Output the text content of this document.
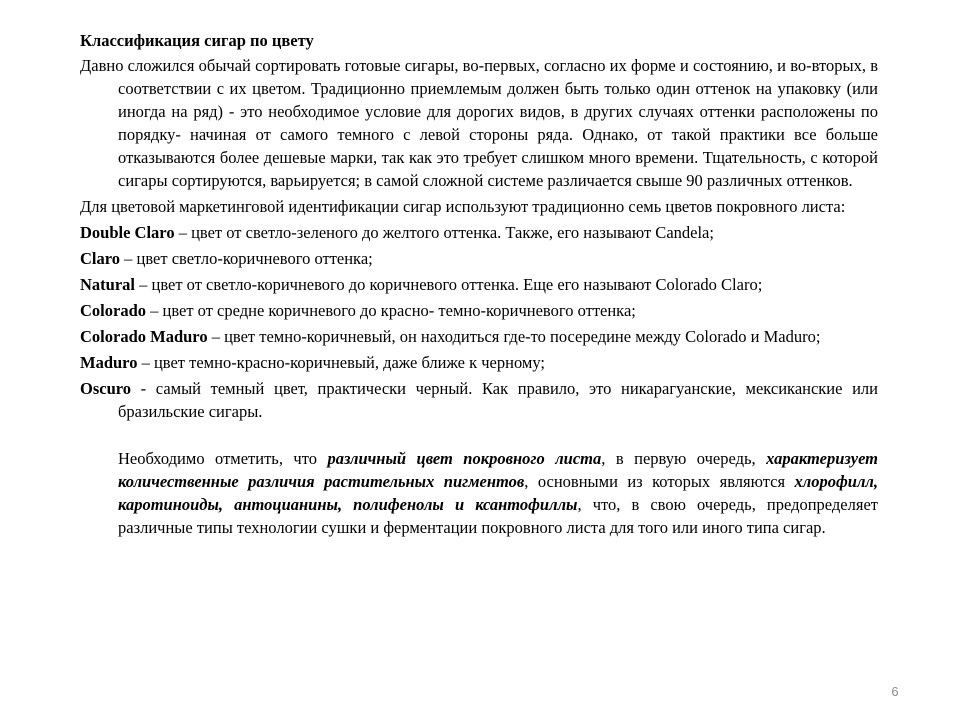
Классификация сигар по цвету
Давно сложился обычай сортировать готовые сигары, во-первых, согласно их форме и состоянию, и во-вторых, в соответствии с их цветом. Традиционно приемлемым должен быть только один оттенок на упаковку (или иногда на ряд) - это необходимое условие для дорогих видов, в других случаях оттенки расположены по порядку- начиная от самого темного с левой стороны ряда. Однако, от такой практики все больше отказываются более дешевые марки, так как это требует слишком много времени. Тщательность, с которой сигары сортируются, варьируется; в самой сложной системе различается свыше 90 различных оттенков.
Для цветовой маркетинговой идентификации сигар используют традиционно семь цветов покровного листа:
Double Claro – цвет от светло-зеленого до желтого оттенка. Также, его называют Candela;
Claro – цвет светло-коричневого оттенка;
Natural – цвет от светло-коричневого до коричневого оттенка. Еще его называют Colorado Claro;
Colorado – цвет от средне коричневого до красно- темно-коричневого оттенка;
Colorado Maduro – цвет темно-коричневый, он находиться где-то посередине между Colorado и Maduro;
Maduro – цвет темно-красно-коричневый, даже ближе к черному;
Oscuro - самый темный цвет, практически черный. Как правило, это никарагуанские, мексиканские или бразильские сигары.
Необходимо отметить, что различный цвет покровного листа, в первую очередь, характеризует количественные различия растительных пигментов, основными из которых являются хлорофилл, каротиноиды, антоцианины, полифенолы и ксантофиллы, что, в свою очередь, предопределяет различные типы технологии сушки и ферментации покровного листа для того или иного типа сигар.
6
